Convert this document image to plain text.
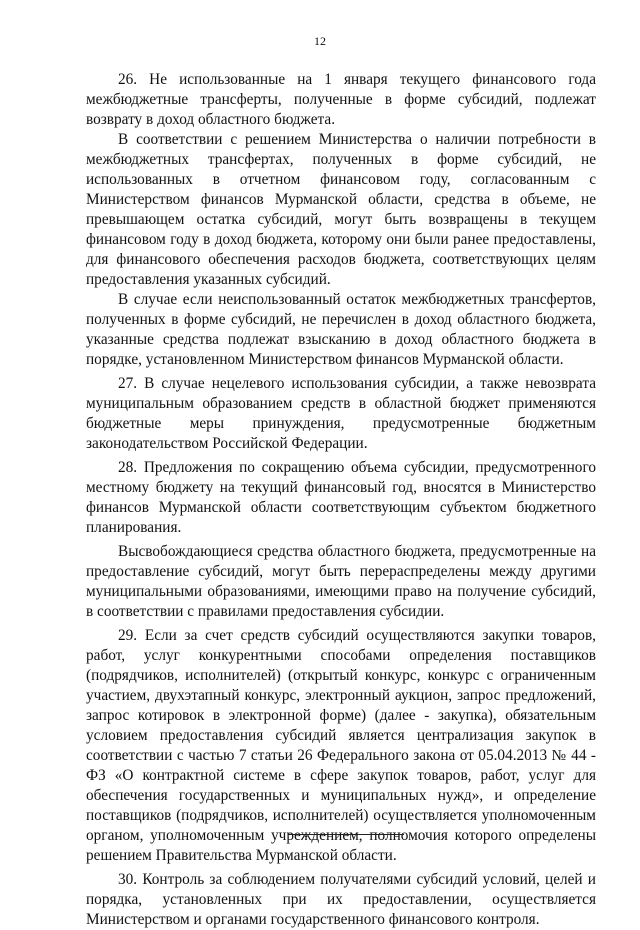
12

26. Не использованные на 1 января текущего финансового года межбюджетные трансферты, полученные в форме субсидий, подлежат возврату в доход областного бюджета.

В соответствии с решением Министерства о наличии потребности в межбюджетных трансфертах, полученных в форме субсидий, не использованных в отчетном финансовом году, согласованным с Министерством финансов Мурманской области, средства в объеме, не превышающем остатка субсидий, могут быть возвращены в текущем финансовом году в доход бюджета, которому они были ранее предоставлены, для финансового обеспечения расходов бюджета, соответствующих целям предоставления указанных субсидий.

В случае если неиспользованный остаток межбюджетных трансфертов, полученных в форме субсидий, не перечислен в доход областного бюджета, указанные средства подлежат взысканию в доход областного бюджета в порядке, установленном Министерством финансов Мурманской области.

27. В случае нецелевого использования субсидии, а также невозврата муниципальным образованием средств в областной бюджет применяются бюджетные меры принуждения, предусмотренные бюджетным законодательством Российской Федерации.

28. Предложения по сокращению объема субсидии, предусмотренного местному бюджету на текущий финансовый год, вносятся в Министерство финансов Мурманской области соответствующим субъектом бюджетного планирования.

Высвобождающиеся средства областного бюджета, предусмотренные на предоставление субсидий, могут быть перераспределены между другими муниципальными образованиями, имеющими право на получение субсидий, в соответствии с правилами предоставления субсидии.

29. Если за счет средств субсидий осуществляются закупки товаров, работ, услуг конкурентными способами определения поставщиков (подрядчиков, исполнителей) (открытый конкурс, конкурс с ограниченным участием, двухэтапный конкурс, электронный аукцион, запрос предложений, запрос котировок в электронной форме) (далее - закупка), обязательным условием предоставления субсидий является централизация закупок в соответствии с частью 7 статьи 26 Федерального закона от 05.04.2013 № 44 - ФЗ «О контрактной системе в сфере закупок товаров, работ, услуг для обеспечения государственных и муниципальных нужд», и определение поставщиков (подрядчиков, исполнителей) осуществляется уполномоченным органом, уполномоченным учреждением, полномочия которого определены решением Правительства Мурманской области.

30. Контроль за соблюдением получателями субсидий условий, целей и порядка, установленных при их предоставлении, осуществляется Министерством и органами государственного финансового контроля.
